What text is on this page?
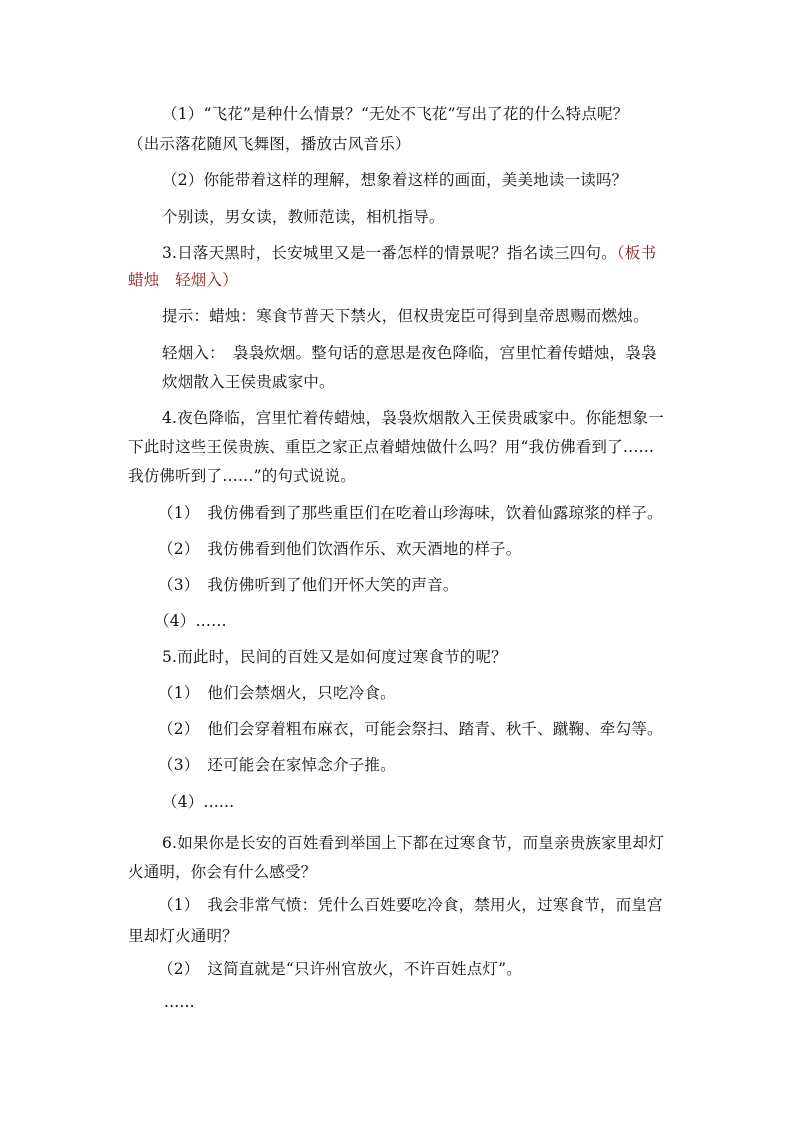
（1）“飞花”是种什么情景？“无处不飞花”写出了花的什么特点呢？
（出示落花随风飞舞图，播放古风音乐）
（2）你能带着这样的理解，想象着这样的画面，美美地读一读吗？
个别读，男女读，教师范读，相机指导。
3.日落天黑时，长安城里又是一番怎样的情景呢？指名读三四句。（板书
蜡烛　轻烟入）
提示：蜡烛：寒食节普天下禁火，但权贵宠臣可得到皇帝恩赐而燃烛。
轻烟入：　袅袅炊烟。整句话的意思是夜色降临，宫里忙着传蜡烛，袅袅
炊烟散入王侯贵戚家中。
4.夜色降临，宫里忙着传蜡烛，袅袅炊烟散入王侯贵戚家中。你能想象一
下此时这些王侯贵族、重臣之家正点着蜡烛做什么吗？用“我仿佛看到了……
我仿佛听到了……”的句式说说。
（1）　我仿佛看到了那些重臣们在吃着山珍海味，饮着仙露琼浆的样子。
（2）　我仿佛看到他们饮酒作乐、欢天酒地的样子。
（3）　我仿佛听到了他们开怀大笑的声音。
（4）……
5.而此时，民间的百姓又是如何度过寒食节的呢？
（1）　他们会禁烟火，只吃冷食。
（2）　他们会穿着粗布麻衣，可能会祭扫、踏青、秋千、蹴鞠、牵勾等。
（3）　还可能会在家悼念介子推。
（4）......
6.如果你是长安的百姓看到举国上下都在过寒食节，而皇亲贵族家里却灯
火通明，你会有什么感受？
（1）　我会非常气愤：凭什么百姓要吃冷食，禁用火，过寒食节，而皇宫
里却灯火通明？
（2）　这简直就是“只许州官放火，不许百姓点灯”。
......
